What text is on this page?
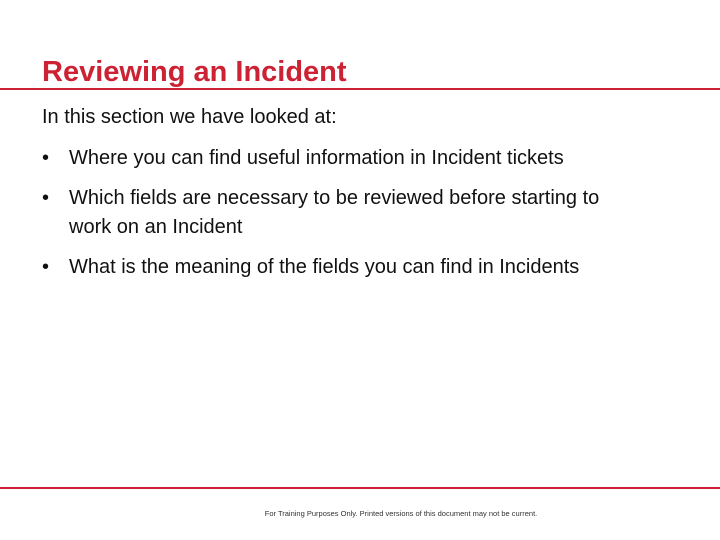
Reviewing an Incident
In this section we have looked at:
• Where you can find useful information in Incident tickets
• Which fields are necessary to be reviewed before starting to work on an Incident
• What is the meaning of the fields you can find in Incidents
For Training Purposes Only. Printed versions of this document may not be current.
